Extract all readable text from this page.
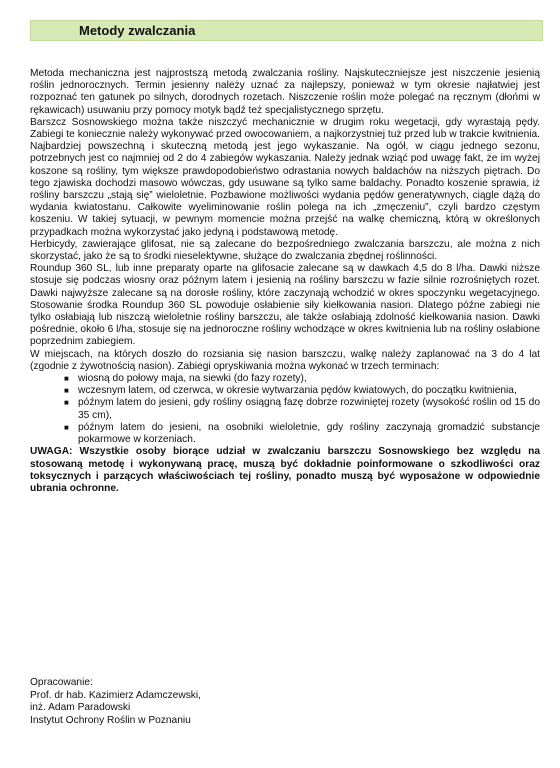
Metody zwalczania

Metoda mechaniczna jest najprostszą metodą zwalczania rośliny. Najskuteczniejsze jest niszczenie jesienią roślin jednorocznych. Termin jesienny należy uznać za najlepszy, ponieważ w tym okresie najłatwiej jest rozpoznać ten gatunek po silnych, dorodnych rozetach. Niszczenie roślin może polegać na ręcznym (dłońmi w rękawicach) usuwaniu przy pomocy motyk bądź też specjalistycznego sprzętu.

Barszcz Sosnowskiego można także niszczyć mechanicznie w drugim roku wegetacji, gdy wyrastają pędy. Zabiegi te koniecznie należy wykonywać przed owocowaniem, a najkorzystniej tuż przed lub w trakcie kwitnienia. Najbardziej powszechną i skuteczną metodą jest jego wykaszanie. Na ogół, w ciągu jednego sezonu, potrzebnych jest co najmniej od 2 do 4 zabiegów wykaszania. Należy jednak wziąć pod uwagę fakt, że im wyżej koszone są rośliny, tym większe prawdopodobieństwo odrastania nowych baldachów na niższych piętrach. Do tego zjawiska dochodzi masowo wówczas, gdy usuwane są tylko same baldachy. Ponadto koszenie sprawia, iż rośliny barszczu „stają się” wieloletnie. Pozbawione możliwości wydania pędów generatywnych, ciągle dążą do wydania kwiatostanu. Całkowite wyeliminowanie roślin polega na ich „zmęczeniu”, czyli bardzo częstym koszeniu. W takiej sytuacji, w pewnym momencie można przejść na walkę chemiczną, którą w określonych przypadkach można wykorzystać jako jedyną i podstawową metodę.

Herbicydy, zawierające glifosat, nie są zalecane do bezpośredniego zwalczania barszczu, ale można z nich skorzystać, jako że są to środki nieselektywne, służące do zwalczania zbędnej roślinności.

Roundup 360 SL, lub inne preparaty oparte na glifosacie zalecane są w dawkach 4,5 do 8 l/ha. Dawki niższe stosuje się podczas wiosny oraz późnym latem i jesienią na rośliny barszczu w fazie silnie rozrośniętych rozet. Dawki najwyższe zalecane są na dorosłe rośliny, które zaczynają wchodzić w okres spoczynku wegetacyjnego. Stosowanie środka Roundup 360 SL powoduje osłabienie siły kiełkowania nasion. Dlatego późne zabiegi nie tylko osłabiają lub niszczą wieloletnie rośliny barszczu, ale także osłabiają zdolność kiełkowania nasion. Dawki pośrednie, około 6 l/ha, stosuje się na jednoroczne rośliny wchodzące w okres kwitnienia lub na rośliny osłabione poprzednim zabiegiem.

W miejscach, na których doszło do rozsiania się nasion barszczu, walkę należy zaplanować na 3 do 4 lat (zgodnie z żywotnością nasion). Zabiegi opryskiwania można wykonać w trzech terminach:

■ wiosną do połowy maja, na siewki (do fazy rozety),
■ wczesnym latem, od czerwca, w okresie wytwarzania pędów kwiatowych, do początku kwitnienia,
■ późnym latem do jesieni, gdy rośliny osiągną fazę dobrze rozwiniętej rozety (wysokość roślin od 15 do 35 cm),
■ późnym latem do jesieni, na osobniki wieloletnie, gdy rośliny zaczynają gromadzić substancje pokarmowe w korzeniach.

UWAGA: Wszystkie osoby biorące udział w zwalczaniu barszczu Sosnowskiego bez względu na stosowaną metodę i wykonywaną pracę, muszą być dokładnie poinformowane o szkodliwości oraz toksycznych i parzących właściwościach tej rośliny, ponadto muszą być wyposażone w odpowiednie ubrania ochronne.

Opracowanie:
Prof. dr hab. Kazimierz Adamczewski,
inż. Adam Paradowski
Instytut Ochrony Roślin w Poznaniu
